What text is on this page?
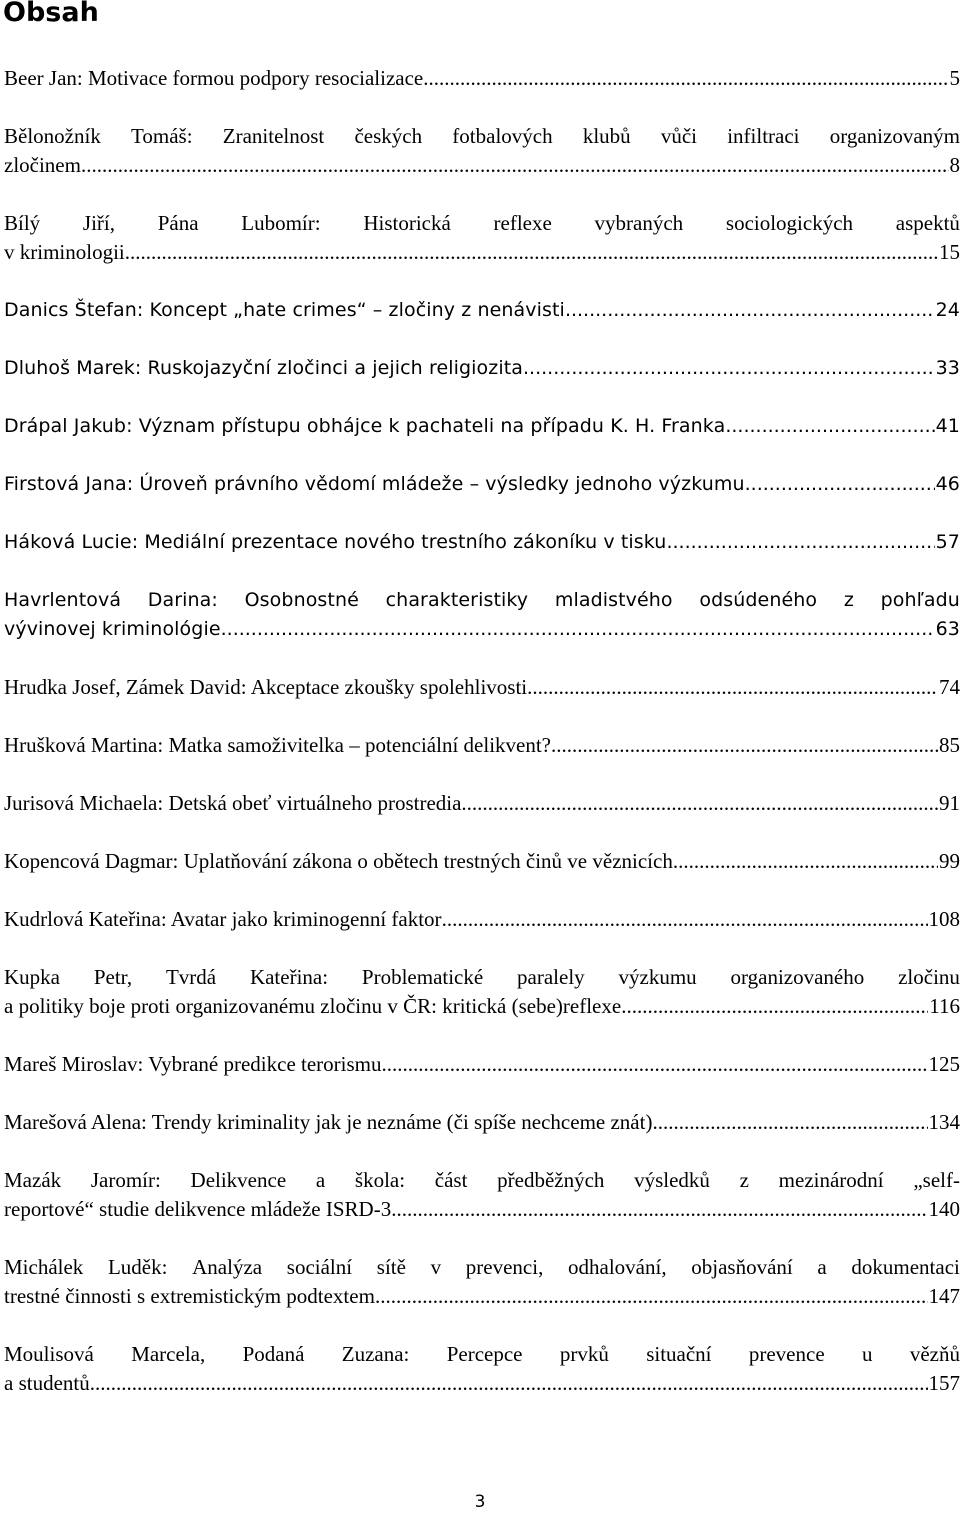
Obsah
Beer Jan: Motivace formou podpory resocializace .....	5
Bělonožník Tomáš: Zranitelnost českých fotbalových klubů vůči infiltraci organizovaným
zločinem .....	8
Bílý Jiří, Pána Lubomír: Historická reflexe vybraných sociologických aspektů
v kriminologii .....	15
Danics Štefan: Koncept „hate crimes“ – zločiny z nenávisti .....	24
Dluhoš Marek: Ruskojazyční zločinci a jejich religiozita .....	33
Drápal Jakub: Význam přístupu obhájce k pachateli na případu K. H. Franka .....	41
Firstová Jana: Úroveň právního vědomí mládeže – výsledky jednoho výzkumu .....	46
Háková Lucie: Mediální prezentace nového trestního zákoníku v tisku .....	57
Havrlentová Darina: Osobnostné charakteristiky mladistvého odsúdeného z pohľadu
vývinovej kriminológie .....	63
Hrudka Josef, Zámek David: Akceptace zkoušky spolehlivosti .....	74
Hrušková Martina: Matka samoživitelka – potenciální delikvent? .....	85
Jurisová Michaela: Detská obeť virtuálneho prostredia .....	91
Kopencová Dagmar: Uplatňování zákona o obětech trestných činů ve věznicích .....	99
Kudrlová Kateřina: Avatar jako kriminogenní faktor .....	108
Kupka Petr, Tvrdá Kateřina: Problematické paralely výzkumu organizovaného zločinu
a politiky boje proti organizovanému zločinu v ČR: kritická (sebe)reflexe .....	116
Mareš Miroslav: Vybrané predikce terorismu .....	125
Marešová Alena: Trendy kriminality jak je neznáme (či spíše nechceme znát) .....	134
Mazák Jaromír: Delikvence a škola: část předběžných výsledků z mezinárodní „self-
reportové“ studie delikvence mládeže ISRD-3 .....	140
Michálek Luděk: Analýza sociální sítě v prevenci, odhalování, objasňování a dokumentaci
trestné činnosti s extremistickým podtextem .....	147
Moulisová Marcela, Podaná Zuzana: Percepce prvků situační prevence u vězňů
a studentů .....	157
3
